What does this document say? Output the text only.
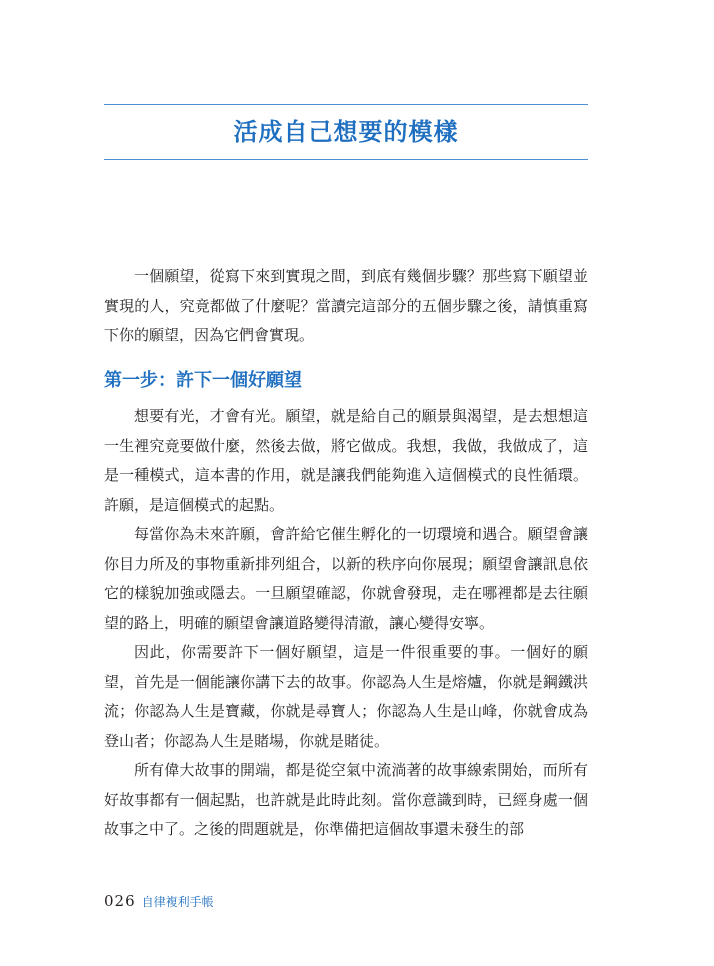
活成自己想要的模樣

一個願望，從寫下來到實現之間，到底有幾個步驟？那些寫下願望並實現的人，究竟都做了什麼呢？當讀完這部分的五個步驟之後，請慎重寫下你的願望，因為它們會實現。

第一步：許下一個好願望

想要有光，才會有光。願望，就是給自己的願景與渴望，是去想想這一生裡究竟要做什麼，然後去做，將它做成。我想，我做，我做成了，這是一種模式，這本書的作用，就是讓我們能夠進入這個模式的良性循環。許願，是這個模式的起點。

每當你為未來許願，會許給它催生孵化的一切環境和遇合。願望會讓你目力所及的事物重新排列組合，以新的秩序向你展現；願望會讓訊息依它的樣貌加強或隱去。一旦願望確認，你就會發現，走在哪裡都是去往願望的路上，明確的願望會讓道路變得清澈，讓心變得安寧。

因此，你需要許下一個好願望，這是一件很重要的事。一個好的願望，首先是一個能讓你講下去的故事。你認為人生是熔爐，你就是鋼鐵洪流；你認為人生是寶藏，你就是尋寶人；你認為人生是山峰，你就會成為登山者；你認為人生是賭場，你就是賭徒。

所有偉大故事的開端，都是從空氣中流淌著的故事線索開始，而所有好故事都有一個起點，也許就是此時此刻。當你意識到時，已經身處一個故事之中了。之後的問題就是，你準備把這個故事還未發生的部

026 自律複利手帳
